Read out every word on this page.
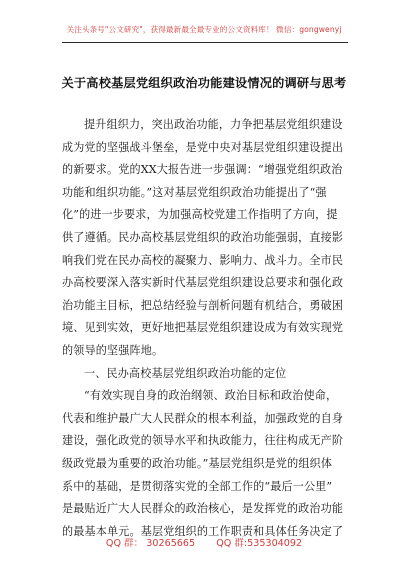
关注头条号"公文研究"，获得最新最全最专业的公文资料库！ 微信：gongwenyj
关于高校基层党组织政治功能建设情况的调研与思考
提升组织力，突出政治功能，力争把基层党组织建设
成为党的坚强战斗堡垒，是党中央对基层党组织建设提出
的新要求。党的XX大报告进一步强调：“增强党组织政治
功能和组织功能。”这对基层党组织政治功能提出了“强
化”的进一步要求，为加强高校党建工作指明了方向，提
供了遵循。民办高校基层党组织的政治功能强弱，直接影
响我们党在民办高校的凝聚力、影响力、战斗力。全市民
办高校要深入落实新时代基层党组织建设总要求和强化政
治功能主目标，把总结经验与剖析问题有机结合，勇破困
境、见到实效，更好地把基层党组织建设成为有效实现党
的领导的坚强阵地。
一、民办高校基层党组织政治功能的定位
“有效实现自身的政治纲领、政治目标和政治使命，
代表和维护最广大人民群众的根本利益，加强政党的自身
建设，强化政党的领导水平和执政能力，往往构成无产阶
级政党最为重要的政治功能。”基层党组织是党的组织体
系中的基础，是贯彻落实党的全部工作的“最后一公里”
是最贴近广大人民群众的政治核心，是发挥党的政治功能
的最基本单元。基层党组织的工作职责和具体任务决定了
QQ 群： 30265665 QQ 群:535304092
